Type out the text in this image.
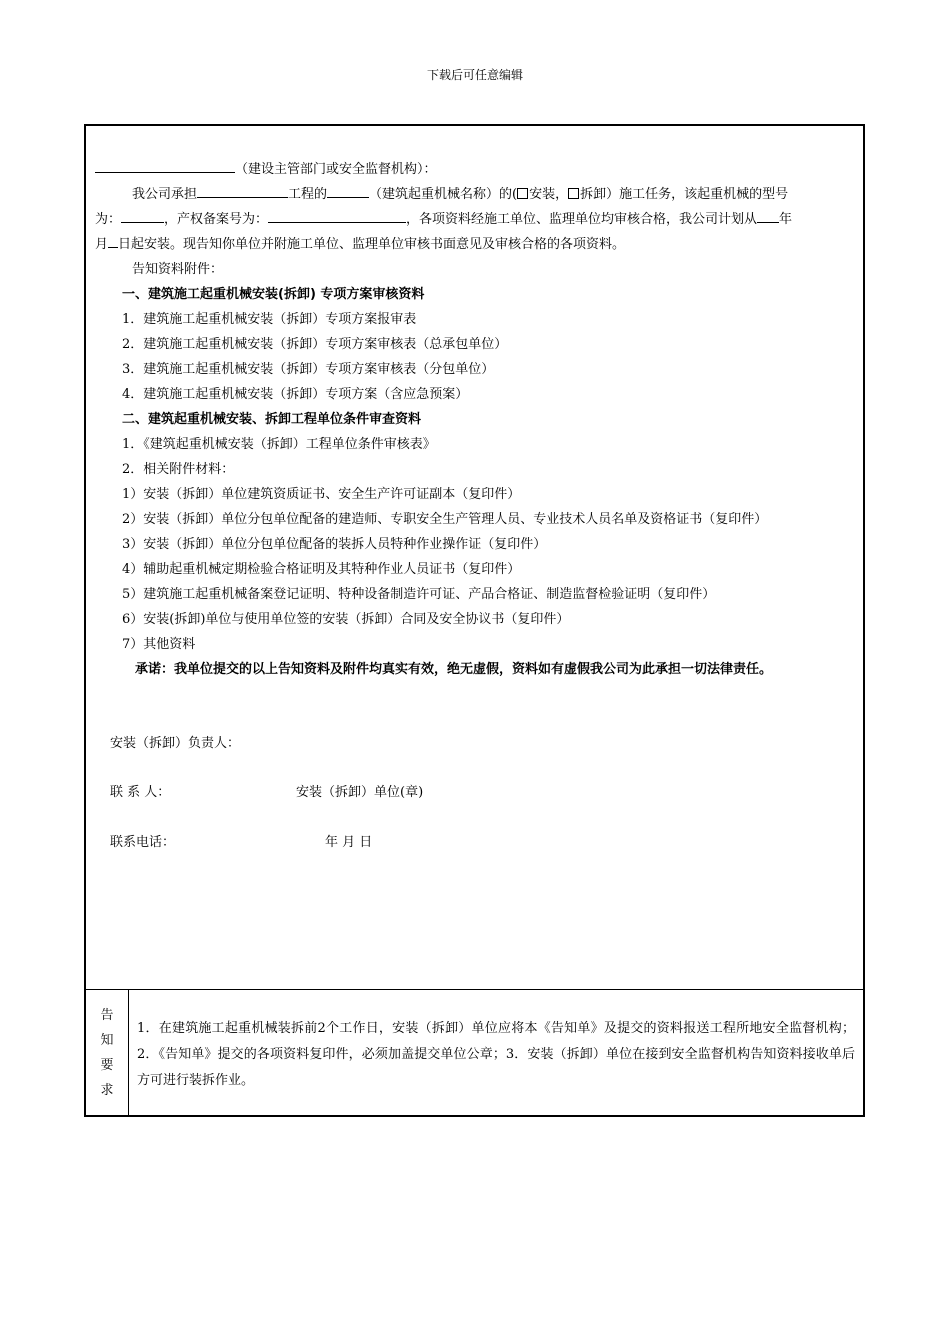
下载后可任意编辑
（建设主管部门或安全监督机构）：
我公司承担	工程的	（建筑起重机械名称）的( 安装， 拆卸）施工任务，该起重机械的型号
为：	，产权备案号为：	，各项资料经施工单位、监理单位均审核合格，我公司计划从 年
月 日起安装。现告知你单位并附施工单位、监理单位审核书面意见及审核合格的各项资料。
告知资料附件：
一、建筑施工起重机械安装(拆卸) 专项方案审核资料
1．建筑施工起重机械安装（拆卸）专项方案报审表
2．建筑施工起重机械安装（拆卸）专项方案审核表（总承包单位）
3．建筑施工起重机械安装（拆卸）专项方案审核表（分包单位）
4．建筑施工起重机械安装（拆卸）专项方案（含应急预案）
二、建筑起重机械安装、拆卸工程单位条件审查资料
1．《建筑起重机械安装（拆卸）工程单位条件审核表》
2．相关附件材料：
1）安装（拆卸）单位建筑资质证书、安全生产许可证副本（复印件）
2）安装（拆卸）单位分包单位配备的建造师、专职安全生产管理人员、专业技术人员名单及资格证书（复印件）
3）安装（拆卸）单位分包单位配备的装拆人员特种作业操作证（复印件）
4）辅助起重机械定期检验合格证明及其特种作业人员证书（复印件）
5）建筑施工起重机械备案登记证明、特种设备制造许可证、产品合格证、制造监督检验证明（复印件）
6）安装(拆卸)单位与使用单位签的安装（拆卸）合同及安全协议书（复印件）
7）其他资料
承诺：我单位提交的以上告知资料及附件均真实有效，绝无虚假，资料如有虚假我公司为此承担一切法律责任。
安装（拆卸）负责人：
联 系 人：	安装（拆卸）单位(章)
联系电话：	年 月 日
告
知
要
求
1．在建筑施工起重机械装拆前2个工作日，安装（拆卸）单位应将本《告知单》及提交的资料报送工程所地安全监督机构；2．《告知单》提交的各项资料复印件，必须加盖提交单位公章；3．安装（拆卸）单位在接到安全监督机构告知资料接收单后方可进行装拆作业。
